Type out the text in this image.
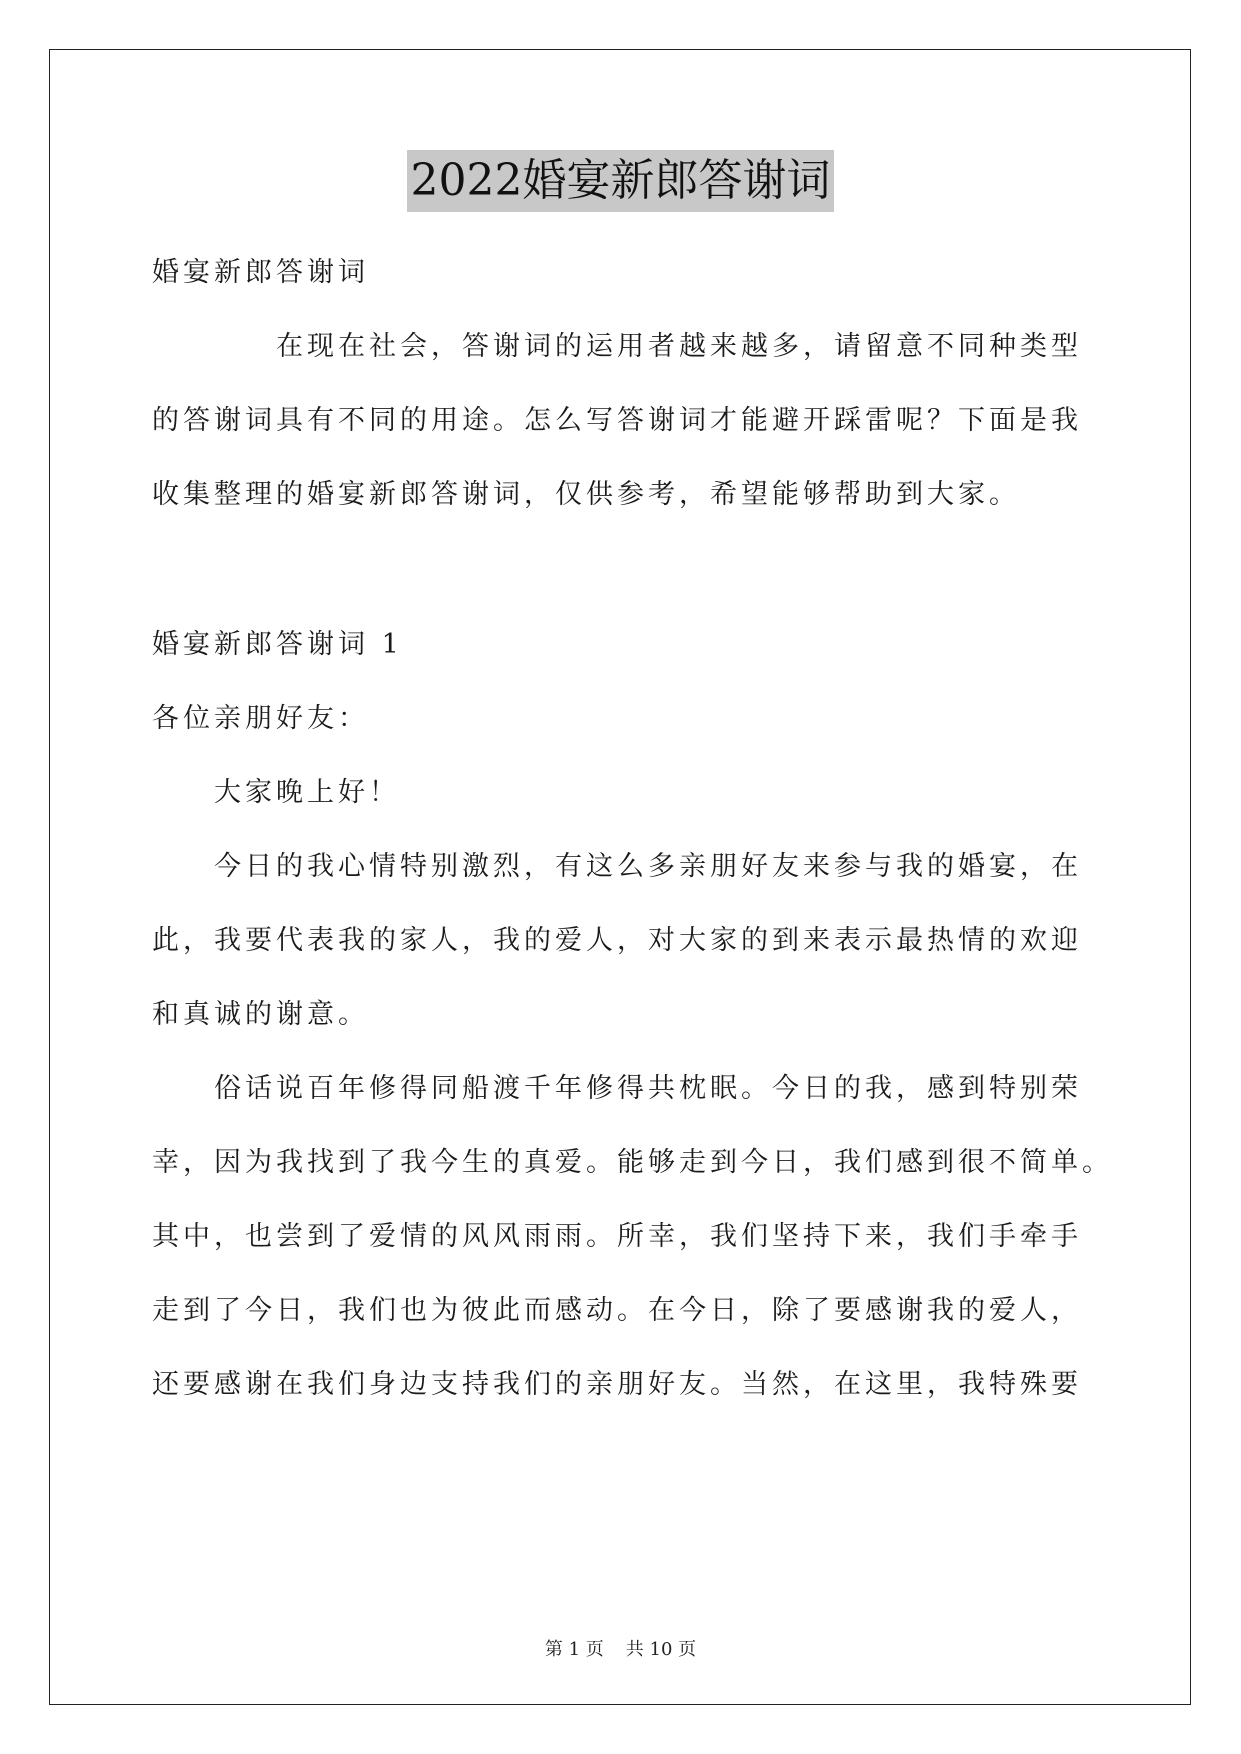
2022婚宴新郎答谢词
婚宴新郎答谢词
在现在社会，答谢词的运用者越来越多，请留意不同种类型
的答谢词具有不同的用途。怎么写答谢词才能避开踩雷呢？下面是我
收集整理的婚宴新郎答谢词，仅供参考，希望能够帮助到大家。
婚宴新郎答谢词 1
各位亲朋好友：
大家晚上好！
今日的我心情特别激烈，有这么多亲朋好友来参与我的婚宴，在
此，我要代表我的家人，我的爱人，对大家的到来表示最热情的欢迎
和真诚的谢意。
俗话说百年修得同船渡千年修得共枕眠。今日的我，感到特别荣
幸，因为我找到了我今生的真爱。能够走到今日，我们感到很不简单。
其中，也尝到了爱情的风风雨雨。所幸，我们坚持下来，我们手牵手
走到了今日，我们也为彼此而感动。在今日，除了要感谢我的爱人，
还要感谢在我们身边支持我们的亲朋好友。当然，在这里，我特殊要
第 1 页 共 10 页
